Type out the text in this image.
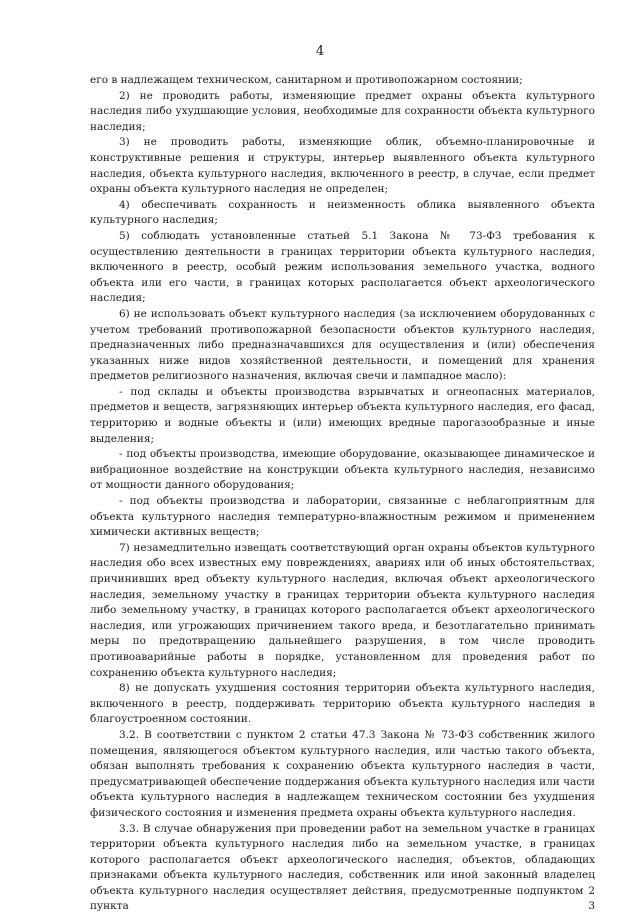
4

его в надлежащем техническом, санитарном и противопожарном состоянии;

2) не проводить работы, изменяющие предмет охраны объекта культурного наследия либо ухудшающие условия, необходимые для сохранности объекта культурного наследия;

3) не проводить работы, изменяющие облик, объемно-планировочные и конструктивные решения и структуры, интерьер выявленного объекта культурного наследия, объекта культурного наследия, включенного в реестр, в случае, если предмет охраны объекта культурного наследия не определен;

4) обеспечивать сохранность и неизменность облика выявленного объекта культурного наследия;

5) соблюдать установленные статьей 5.1 Закона № 73-ФЗ требования к осуществлению деятельности в границах территории объекта культурного наследия, включенного в реестр, особый режим использования земельного участка, водного объекта или его части, в границах которых располагается объект археологического наследия;

6) не использовать объект культурного наследия (за исключением оборудованных с учетом требований противопожарной безопасности объектов культурного наследия, предназначенных либо предназначавшихся для осуществления и (или) обеспечения указанных ниже видов хозяйственной деятельности, и помещений для хранения предметов религиозного назначения, включая свечи и лампадное масло):

- под склады и объекты производства взрывчатых и огнеопасных материалов, предметов и веществ, загрязняющих интерьер объекта культурного наследия, его фасад, территорию и водные объекты и (или) имеющих вредные парогазообразные и иные выделения;

- под объекты производства, имеющие оборудование, оказывающее динамическое и вибрационное воздействие на конструкции объекта культурного наследия, независимо от мощности данного оборудования;

- под объекты производства и лаборатории, связанные с неблагоприятным для объекта культурного наследия температурно-влажностным режимом и применением химически активных веществ;

7) незамедлительно извещать соответствующий орган охраны объектов культурного наследия обо всех известных ему повреждениях, авариях или об иных обстоятельствах, причинивших вред объекту культурного наследия, включая объект археологического наследия, земельному участку в границах территории объекта культурного наследия либо земельному участку, в границах которого располагается объект археологического наследия, или угрожающих причинением такого вреда, и безотлагательно принимать меры по предотвращению дальнейшего разрушения, в том числе проводить противоаварийные работы в порядке, установленном для проведения работ по сохранению объекта культурного наследия;

8) не допускать ухудшения состояния территории объекта культурного наследия, включенного в реестр, поддерживать территорию объекта культурного наследия в благоустроенном состоянии.

3.2. В соответствии с пунктом 2 статьи 47.3 Закона № 73-ФЗ собственник жилого помещения, являющегося объектом культурного наследия, или частью такого объекта, обязан выполнять требования к сохранению объекта культурного наследия в части, предусматривающей обеспечение поддержания объекта культурного наследия или части объекта культурного наследия в надлежащем техническом состоянии без ухудшения физического состояния и изменения предмета охраны объекта культурного наследия.

3.3. В случае обнаружения при проведении работ на земельном участке в границах территории объекта культурного наследия либо на земельном участке, в границах которого располагается объект археологического наследия, объектов, обладающих признаками объекта культурного наследия, собственник или иной законный владелец объекта культурного наследия осуществляет действия, предусмотренные подпунктом 2 пункта 3
